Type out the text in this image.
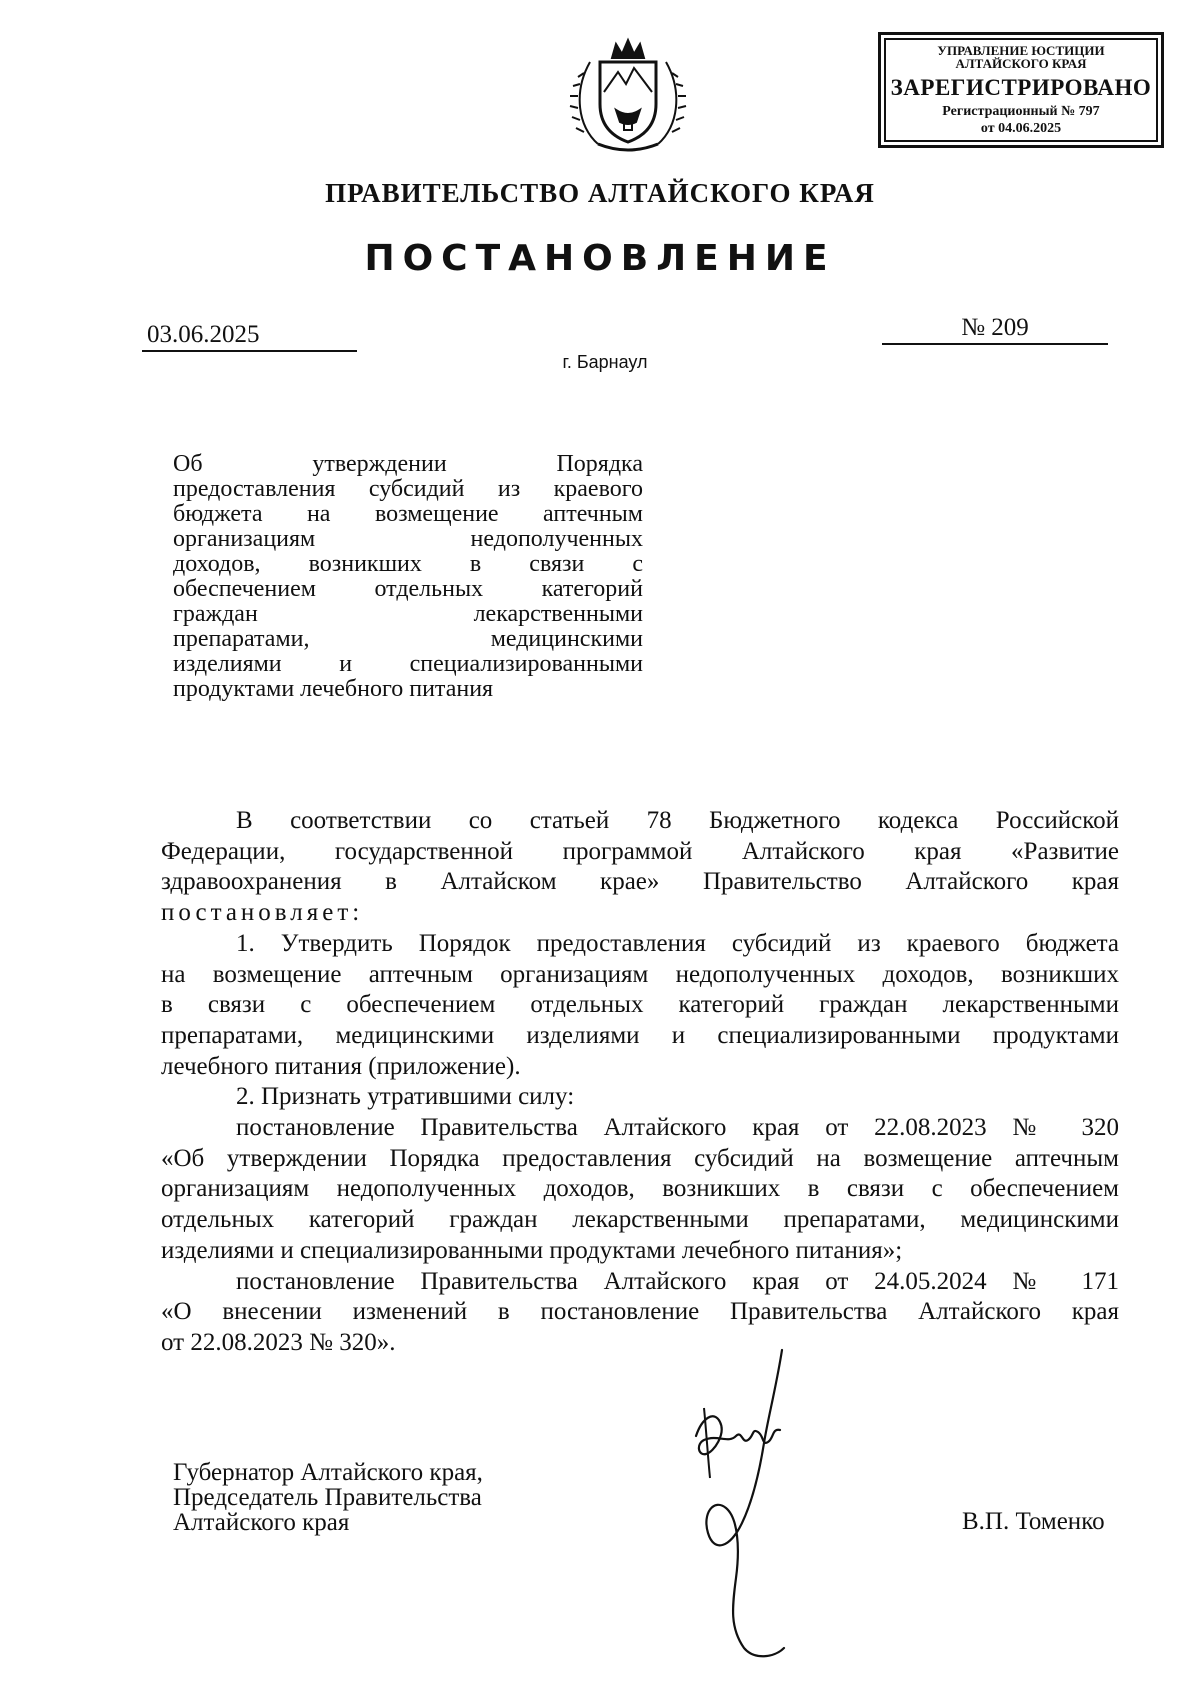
УПРАВЛЕНИЕ ЮСТИЦИИ
АЛТАЙСКОГО КРАЯ
ЗАРЕГИСТРИРОВАНО
Регистрационный № 797
от 04.06.2025
ПРАВИТЕЛЬСТВО АЛТАЙСКОГО КРАЯ
ПОСТАНОВЛЕНИЕ
03.06.2025	№ 209
г. Барнаул
Об утверждении Порядка
предоставления субсидий из краевого
бюджета на возмещение аптечным
организациям недополученных
доходов, возникших в связи с
обеспечением отдельных категорий
граждан лекарственными
препаратами, медицинскими
изделиями и специализированными
продуктами лечебного питания
В соответствии со статьей 78 Бюджетного кодекса Российской
Федерации, государственной программой Алтайского края «Развитие
здравоохранения в Алтайском крае» Правительство Алтайского края
постановляет:
1. Утвердить Порядок предоставления субсидий из краевого бюджета
на возмещение аптечным организациям недополученных доходов, возникших
в связи с обеспечением отдельных категорий граждан лекарственными
препаратами, медицинскими изделиями и специализированными продуктами
лечебного питания (приложение).
2. Признать утратившими силу:
постановление Правительства Алтайского края от 22.08.2023 № 320
«Об утверждении Порядка предоставления субсидий на возмещение аптечным
организациям недополученных доходов, возникших в связи с обеспечением
отдельных категорий граждан лекарственными препаратами, медицинскими
изделиями и специализированными продуктами лечебного питания»;
постановление Правительства Алтайского края от 24.05.2024 № 171
«О внесении изменений в постановление Правительства Алтайского края
от 22.08.2023 № 320».
Губернатор Алтайского края,
Председатель Правительства
Алтайского края	В.П. Томенко
